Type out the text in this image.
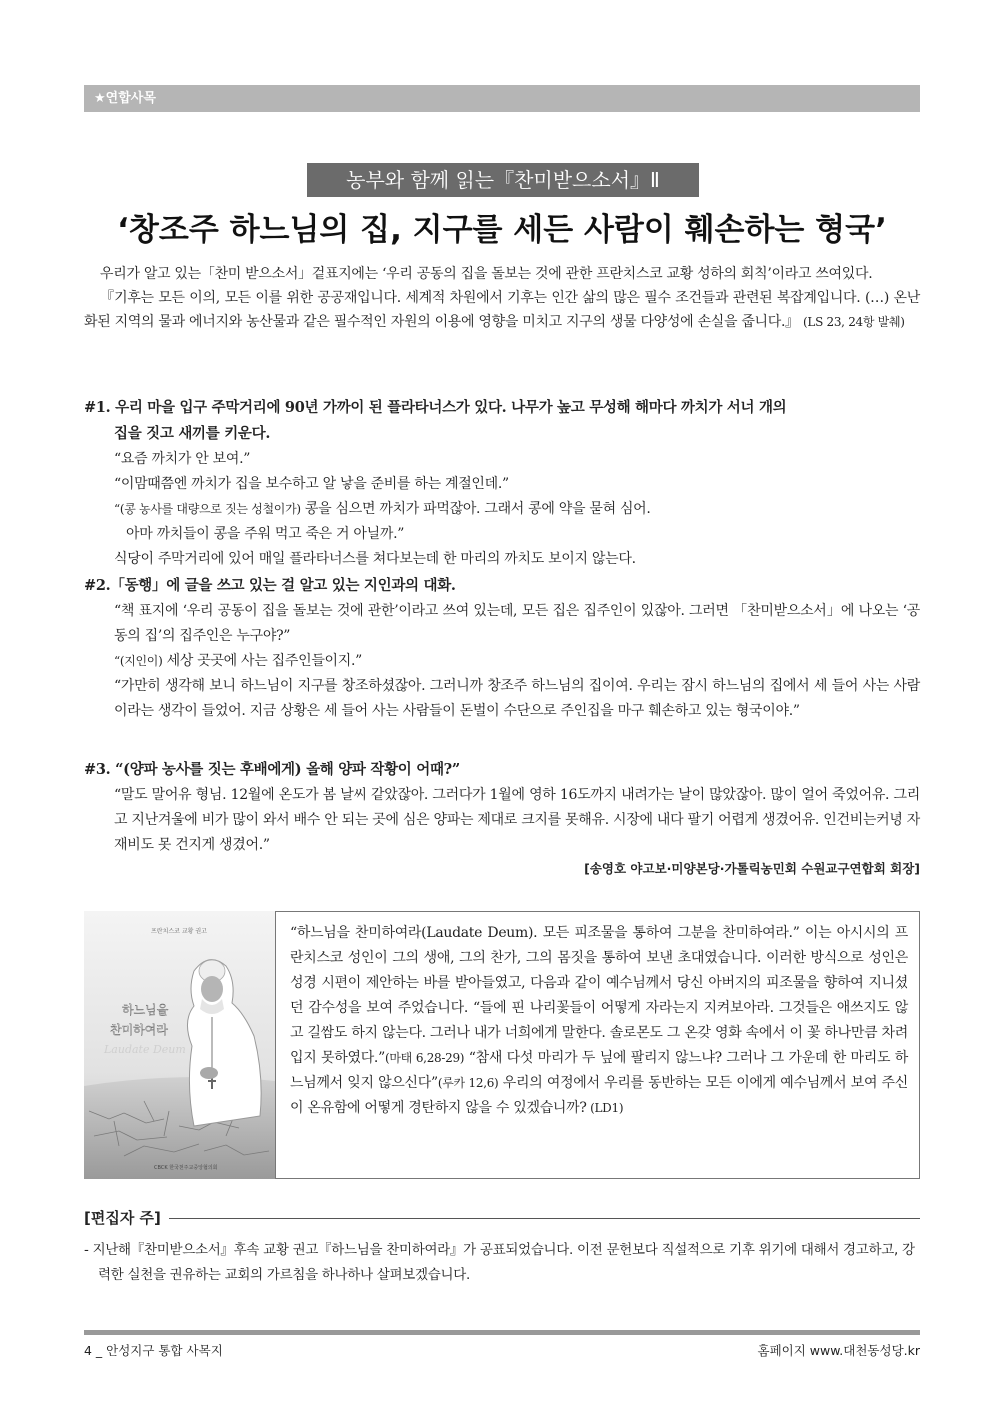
★연합사목
농부와 함께 읽는『찬미받으소서』Ⅱ
‘창조주 하느님의 집, 지구를 세든 사람이 훼손하는 형국’

우리가 알고 있는「찬미 받으소서」겉표지에는 ‘우리 공동의 집을 돌보는 것에 관한 프란치스코 교황 성하의 회칙’이라고 쓰여있다.

『기후는 모든 이의, 모든 이를 위한 공공재입니다. 세계적 차원에서 기후는 인간 삶의 많은 필수 조건들과 관련된 복잡계입니다. (…) 온난화된 지역의 물과 에너지와 농산물과 같은 필수적인 자원의 이용에 영향을 미치고 지구의 생물 다양성에 손실을 줍니다.』 (LS 23, 24항 발췌)

#1. 우리 마을 입구 주막거리에 90년 가까이 된 플라타너스가 있다. 나무가 높고 무성해 해마다 까치가 서너 개의

집을 짓고 새끼를 키운다.

“요즘 까치가 안 보여.”

“이맘때쯤엔 까치가 집을 보수하고 알 낳을 준비를 하는 계절인데.”

“(콩 농사를 대량으로 짓는 성철이가) 콩을 심으면 까치가 파먹잖아. 그래서 콩에 약을 묻혀 심어.

아마 까치들이 콩을 주워 먹고 죽은 거 아닐까.”

식당이 주막거리에 있어 매일 플라타너스를 쳐다보는데 한 마리의 까치도 보이지 않는다.

#2.「동행」에 글을 쓰고 있는 걸 알고 있는 지인과의 대화.

“책 표지에 ‘우리 공동이 집을 돌보는 것에 관한’이라고 쓰여 있는데, 모든 집은 집주인이 있잖아. 그러면 「찬미받으소서」에 나오는 ‘공동의 집’의 집주인은 누구야?”

“(지인이) 세상 곳곳에 사는 집주인들이지.”

“가만히 생각해 보니 하느님이 지구를 창조하셨잖아. 그러니까 창조주 하느님의 집이여. 우리는 잠시 하느님의 집에서 세 들어 사는 사람이라는 생각이 들었어. 지금 상황은 세 들어 사는 사람들이 돈벌이 수단으로 주인집을 마구 훼손하고 있는 형국이야.”

#3. “(양파 농사를 짓는 후배에게) 올해 양파 작황이 어때?”

“말도 말어유 형님. 12월에 온도가 봄 날씨 같았잖아. 그러다가 1월에 영하 16도까지 내려가는 날이 많았잖아. 많이 얼어 죽었어유. 그리고 지난겨울에 비가 많이 와서 배수 안 되는 곳에 심은 양파는 제대로 크지를 못해유. 시장에 내다 팔기 어렵게 생겼어유. 인건비는커녕 자재비도 못 건지게 생겼어.”

[송영호 야고보·미양본당·가톨릭농민회 수원교구연합회 회장]
프란치스코 교황 권고
하느님을
찬미하여라
Laudate Deum
CBCK 한국천주교중앙협의회

“하느님을 찬미하여라(Laudate Deum). 모든 피조물을 통하여 그분을 찬미하여라.” 이는 아시시의 프란치스코 성인이 그의 생애, 그의 찬가, 그의 몸짓을 통하여 보낸 초대였습니다. 이러한 방식으로 성인은 성경 시편이 제안하는 바를 받아들였고, 다음과 같이 예수님께서 당신 아버지의 피조물을 향하여 지니셨던 감수성을 보여 주었습니다. “들에 핀 나리꽃들이 어떻게 자라는지 지켜보아라. 그것들은 애쓰지도 않고 길쌈도 하지 않는다. 그러나 내가 너희에게 말한다. 솔로몬도 그 온갖 영화 속에서 이 꽃 하나만큼 차려입지 못하였다.”(마태 6,28-29) “참새 다섯 마리가 두 닢에 팔리지 않느냐? 그러나 그 가운데 한 마리도 하느님께서 잊지 않으신다”(루카 12,6) 우리의 여정에서 우리를 동반하는 모든 이에게 예수님께서 보여 주신 이 온유함에 어떻게 경탄하지 않을 수 있겠습니까? (LD1)

[편집자 주]

- 지난해『찬미받으소서』후속 교황 권고『하느님을 찬미하여라』가 공표되었습니다. 이전 문헌보다 직설적으로 기후 위기에 대해서 경고하고, 강력한 실천을 권유하는 교회의 가르침을 하나하나 살펴보겠습니다.

4 _ 안성지구 통합 사목지	홈페이지 www.대천동성당.kr
